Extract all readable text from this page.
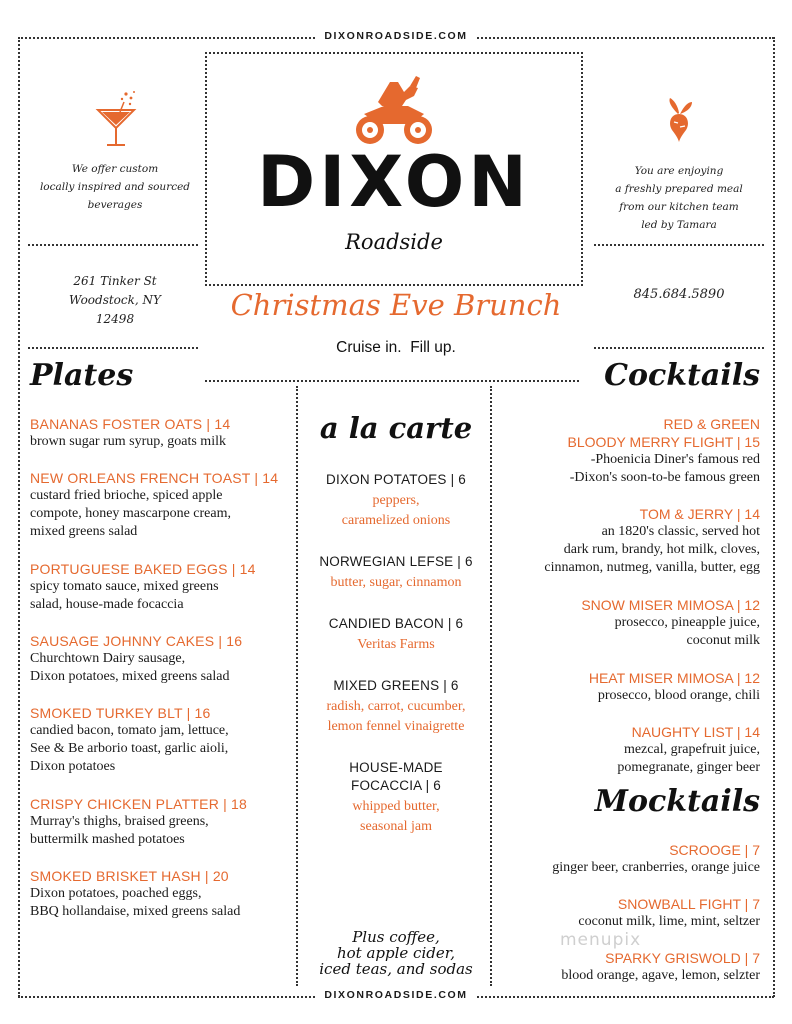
DIXONROADSIDE.COM
DIXONROADSIDE.COM
DIXON
Roadside
We offer custom
locally inspired and sourced
beverages
You are enjoying
a freshly prepared meal
from our kitchen team
led by Tamara
261 Tinker St
Woodstock, NY
12498
845.684.5890
Christmas Eve Brunch
Cruise in.  Fill up.
Plates
a la carte
Cocktails
Mocktails
BANANAS FOSTER OATS | 14
brown sugar rum syrup, goats milk
NEW ORLEANS FRENCH TOAST | 14
custard fried brioche, spiced apple
compote, honey mascarpone cream,
mixed greens salad
PORTUGUESE BAKED EGGS | 14
spicy tomato sauce, mixed greens
salad, house-made focaccia
SAUSAGE JOHNNY CAKES | 16
Churchtown Dairy sausage,
Dixon potatoes, mixed greens salad
SMOKED TURKEY BLT | 16
candied bacon, tomato jam, lettuce,
See & Be arborio toast, garlic aioli,
Dixon potatoes
CRISPY CHICKEN PLATTER | 18
Murray's thighs, braised greens,
buttermilk mashed potatoes
SMOKED BRISKET HASH | 20
Dixon potatoes, poached eggs,
BBQ hollandaise, mixed greens salad
DIXON POTATOES | 6
peppers,
caramelized onions
NORWEGIAN LEFSE | 6
butter, sugar, cinnamon
CANDIED BACON | 6
Veritas Farms
MIXED GREENS | 6
radish, carrot, cucumber,
lemon fennel vinaigrette
HOUSE-MADE
FOCACCIA | 6
whipped butter,
seasonal jam
Plus coffee,
hot apple cider,
iced teas, and sodas
RED & GREEN
BLOODY MERRY FLIGHT | 15
-Phoenicia Diner's famous red
-Dixon's soon-to-be famous green
TOM & JERRY | 14
an 1820's classic, served hot
dark rum, brandy, hot milk, cloves,
cinnamon, nutmeg, vanilla, butter, egg
SNOW MISER MIMOSA | 12
prosecco, pineapple juice,
coconut milk
HEAT MISER MIMOSA | 12
prosecco, blood orange, chili
NAUGHTY LIST | 14
mezcal, grapefruit juice,
pomegranate, ginger beer
SCROOGE | 7
ginger beer, cranberries, orange juice
SNOWBALL FIGHT | 7
coconut milk, lime, mint, seltzer
SPARKY GRISWOLD | 7
blood orange, agave, lemon, selzter
menupix
